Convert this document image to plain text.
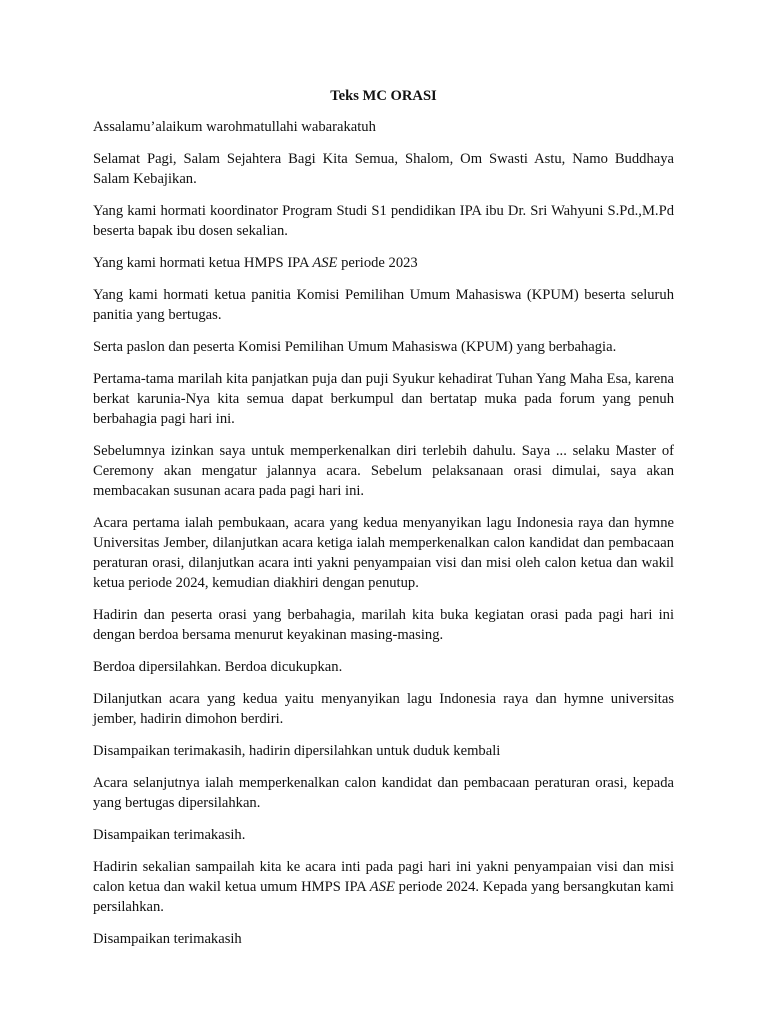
Teks MC ORASI

Assalamu’alaikum warohmatullahi wabarakatuh

Selamat Pagi, Salam Sejahtera Bagi Kita Semua, Shalom, Om Swasti Astu, Namo Buddhaya Salam Kebajikan.

Yang kami hormati koordinator Program Studi S1 pendidikan IPA ibu Dr. Sri Wahyuni S.Pd.,M.Pd beserta bapak ibu dosen sekalian.

Yang kami hormati ketua HMPS IPA ASE periode 2023

Yang kami hormati ketua panitia Komisi Pemilihan Umum Mahasiswa (KPUM) beserta seluruh panitia yang bertugas.

Serta paslon dan peserta Komisi Pemilihan Umum Mahasiswa (KPUM) yang berbahagia.

Pertama-tama marilah kita panjatkan puja dan puji Syukur kehadirat Tuhan Yang Maha Esa, karena berkat karunia-Nya kita semua dapat berkumpul dan bertatap muka pada forum yang penuh berbahagia pagi hari ini.

Sebelumnya izinkan saya untuk memperkenalkan diri terlebih dahulu. Saya ... selaku Master of Ceremony akan mengatur jalannya acara. Sebelum pelaksanaan orasi dimulai, saya akan membacakan susunan acara pada pagi hari ini.

Acara pertama ialah pembukaan, acara yang kedua menyanyikan lagu Indonesia raya dan hymne Universitas Jember, dilanjutkan acara ketiga ialah memperkenalkan calon kandidat dan pembacaan peraturan orasi, dilanjutkan acara inti yakni penyampaian visi dan misi oleh calon ketua dan wakil ketua periode 2024, kemudian diakhiri dengan penutup.

Hadirin dan peserta orasi yang berbahagia, marilah kita buka kegiatan orasi pada pagi hari ini dengan berdoa bersama menurut keyakinan masing-masing.

Berdoa dipersilahkan. Berdoa dicukupkan.

Dilanjutkan acara yang kedua yaitu menyanyikan lagu Indonesia raya dan hymne universitas jember, hadirin dimohon berdiri.

Disampaikan terimakasih, hadirin dipersilahkan untuk duduk kembali

Acara selanjutnya ialah memperkenalkan calon kandidat dan pembacaan peraturan orasi, kepada yang bertugas dipersilahkan.

Disampaikan terimakasih.

Hadirin sekalian sampailah kita ke acara inti pada pagi hari ini yakni penyampaian visi dan misi calon ketua dan wakil ketua umum HMPS IPA ASE periode 2024. Kepada yang bersangkutan kami persilahkan.

Disampaikan terimakasih
